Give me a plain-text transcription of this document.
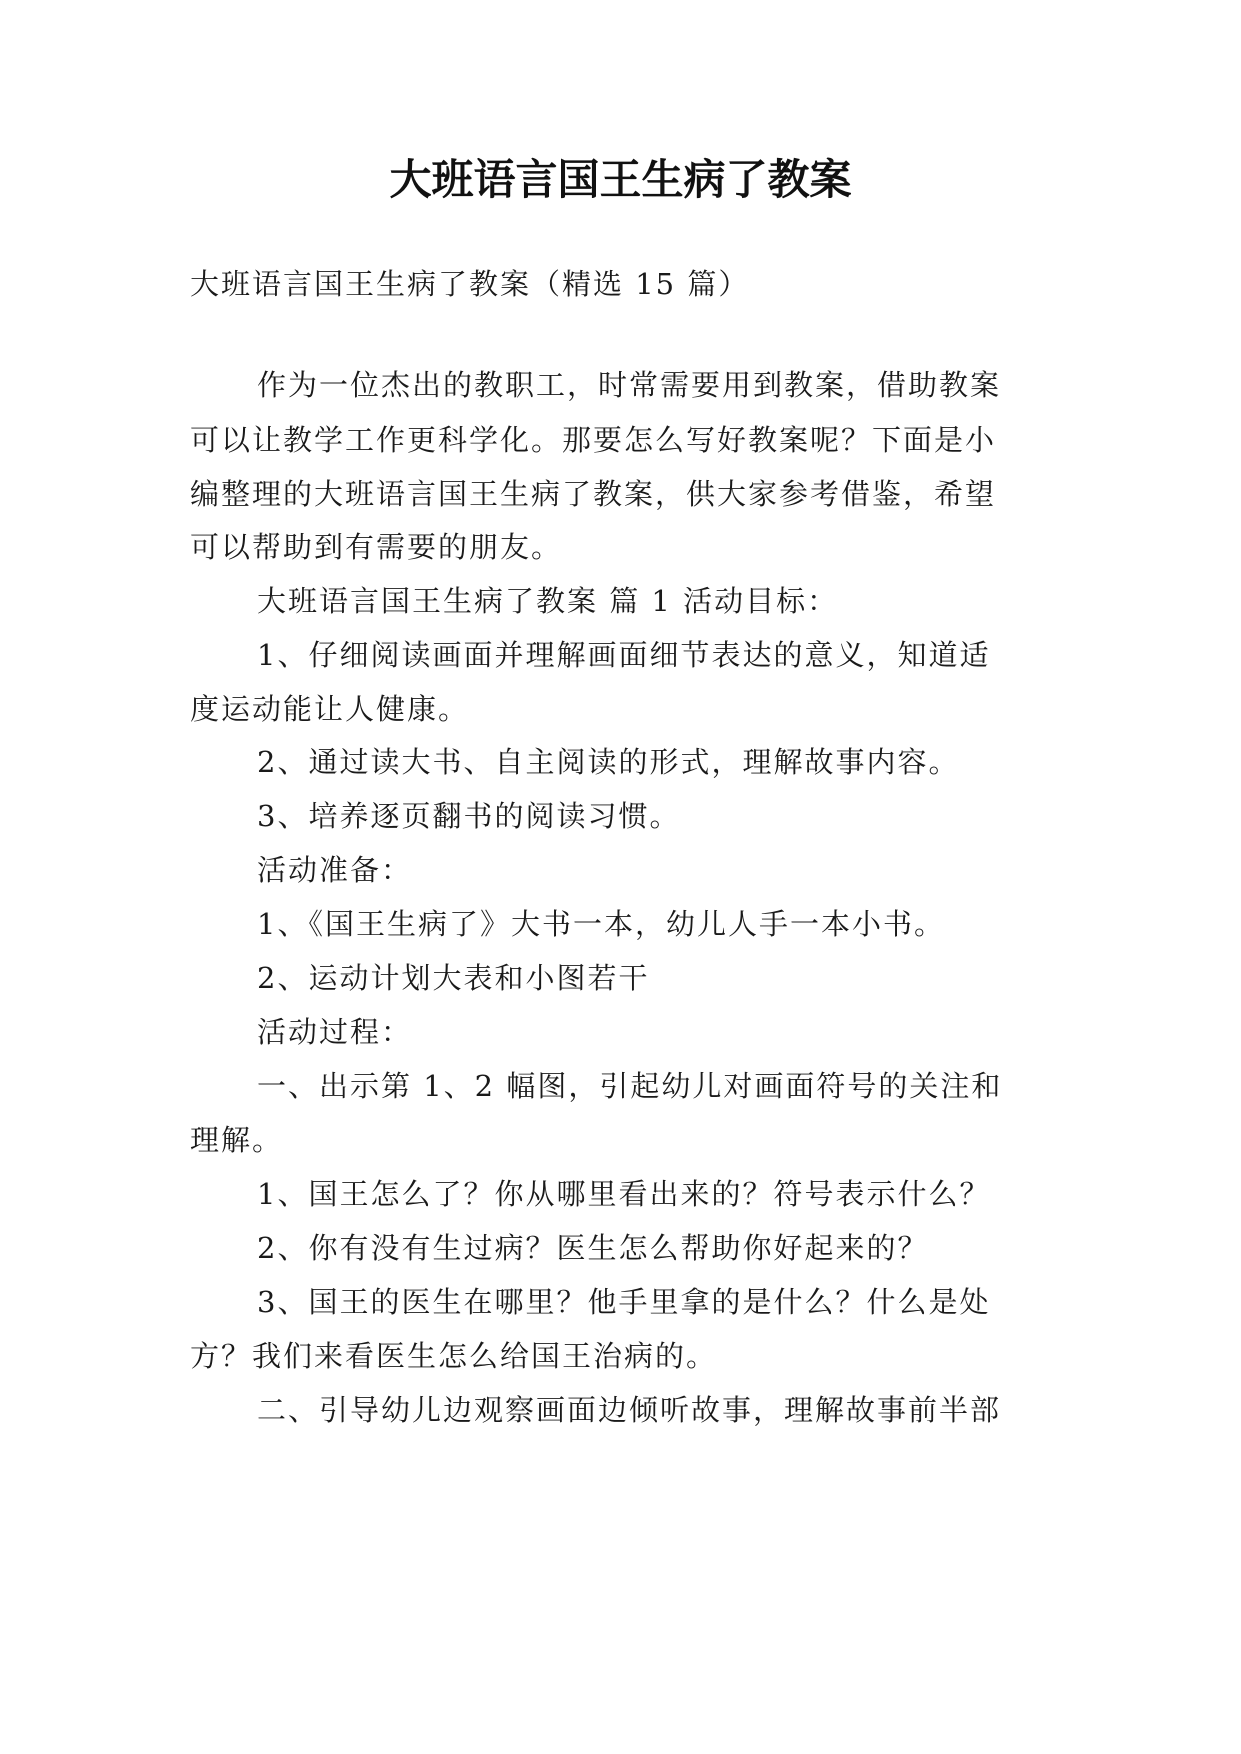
大班语言国王生病了教案
大班语言国王生病了教案（精选 15 篇）
作为一位杰出的教职工，时常需要用到教案，借助教案
可以让教学工作更科学化。那要怎么写好教案呢？下面是小
编整理的大班语言国王生病了教案，供大家参考借鉴，希望
可以帮助到有需要的朋友。
大班语言国王生病了教案 篇 1 活动目标：
1、仔细阅读画面并理解画面细节表达的意义，知道适
度运动能让人健康。
2、通过读大书、自主阅读的形式，理解故事内容。
3、培养逐页翻书的阅读习惯。
活动准备：
1、《国王生病了》大书一本，幼儿人手一本小书。
2、运动计划大表和小图若干
活动过程：
一、出示第 1、2 幅图，引起幼儿对画面符号的关注和
理解。
1、国王怎么了？你从哪里看出来的？符号表示什么？
2、你有没有生过病？医生怎么帮助你好起来的？
3、国王的医生在哪里？他手里拿的是什么？什么是处
方？我们来看医生怎么给国王治病的。
二、引导幼儿边观察画面边倾听故事，理解故事前半部
